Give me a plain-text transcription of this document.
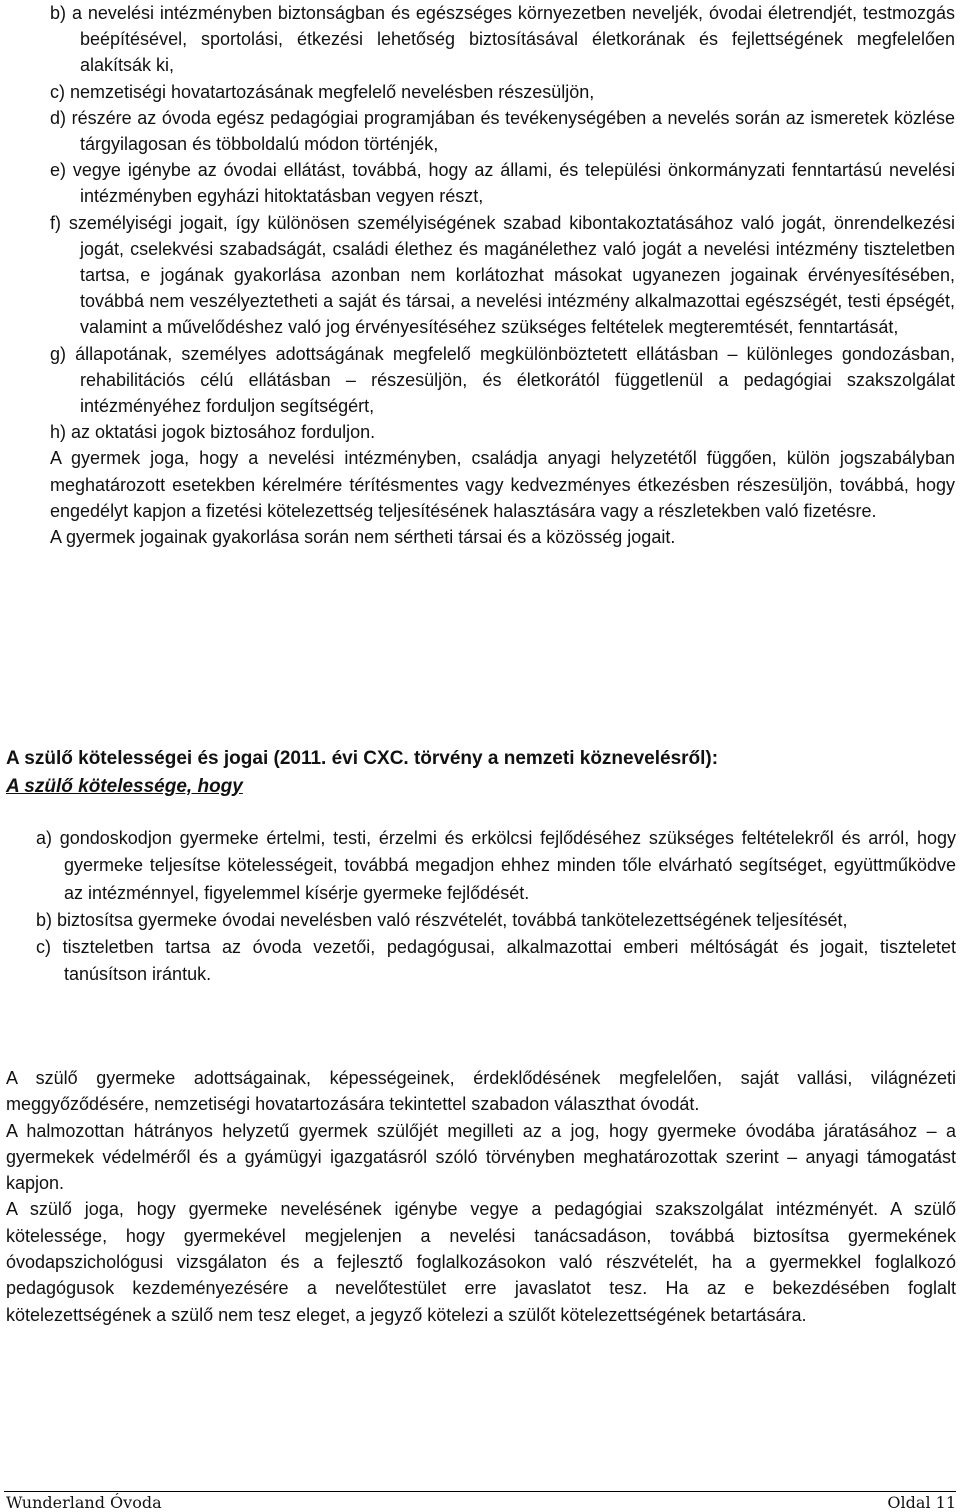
b) a nevelési intézményben biztonságban és egészséges környezetben neveljék, óvodai életrendjét, testmozgás beépítésével, sportolási, étkezési lehetőség biztosításával életkorának és fejlettségének megfelelően alakítsák ki,

c) nemzetiségi hovatartozásának megfelelő nevelésben részesüljön,

d) részére az óvoda egész pedagógiai programjában és tevékenységében a nevelés során az ismeretek közlése tárgyilagosan és többoldalú módon történjék,

e) vegye igénybe az óvodai ellátást, továbbá, hogy az állami, és települési önkormányzati fenntartású nevelési intézményben egyházi hitoktatásban vegyen részt,

f) személyiségi jogait, így különösen személyiségének szabad kibontakoztatásához való jogát, önrendelkezési jogát, cselekvési szabadságát, családi élethez és magánélethez való jogát a nevelési intézmény tiszteletben tartsa, e jogának gyakorlása azonban nem korlátozhat másokat ugyanezen jogainak érvényesítésében, továbbá nem veszélyeztetheti a saját és társai, a nevelési intézmény alkalmazottai egészségét, testi épségét, valamint a művelődéshez való jog érvényesítéséhez szükséges feltételek megteremtését, fenntartását,

g) állapotának, személyes adottságának megfelelő megkülönböztetett ellátásban – különleges gondozásban, rehabilitációs célú ellátásban – részesüljön, és életkorától függetlenül a pedagógiai szakszolgálat intézményéhez forduljon segítségért,

h) az oktatási jogok biztosához forduljon.

A gyermek joga, hogy a nevelési intézményben, családja anyagi helyzetétől függően, külön jogszabályban meghatározott esetekben kérelmére térítésmentes vagy kedvezményes étkezésben részesüljön, továbbá, hogy engedélyt kapjon a fizetési kötelezettség teljesítésének halasztására vagy a részletekben való fizetésre.

A gyermek jogainak gyakorlása során nem sértheti társai és a közösség jogait.

A szülő kötelességei és jogai (2011. évi CXC. törvény a nemzeti köznevelésről):

A szülő kötelessége, hogy

a) gondoskodjon gyermeke értelmi, testi, érzelmi és erkölcsi fejlődéséhez szükséges feltételekről és arról, hogy gyermeke teljesítse kötelességeit, továbbá megadjon ehhez minden tőle elvárható segítséget, együttműködve az intézménnyel, figyelemmel kísérje gyermeke fejlődését.

b) biztosítsa gyermeke óvodai nevelésben való részvételét, továbbá tankötelezettségének teljesítését,

c) tiszteletben tartsa az óvoda vezetői, pedagógusai, alkalmazottai emberi méltóságát és jogait, tiszteletet tanúsítson irántuk.

A szülő gyermeke adottságainak, képességeinek, érdeklődésének megfelelően, saját vallási, világnézeti meggyőződésére, nemzetiségi hovatartozására tekintettel szabadon választhat óvodát.

A halmozottan hátrányos helyzetű gyermek szülőjét megilleti az a jog, hogy gyermeke óvodába járatásához – a gyermekek védelméről és a gyámügyi igazgatásról szóló törvényben meghatározottak szerint – anyagi támogatást kapjon.

A szülő joga, hogy gyermeke nevelésének igénybe vegye a pedagógiai szakszolgálat intézményét. A szülő kötelessége, hogy gyermekével megjelenjen a nevelési tanácsadáson, továbbá biztosítsa gyermekének óvodapszichológusi vizsgálaton és a fejlesztő foglalkozásokon való részvételét, ha a gyermekkel foglalkozó pedagógusok kezdeményezésére a nevelőtestület erre javaslatot tesz. Ha az e bekezdésében foglalt kötelezettségének a szülő nem tesz eleget, a jegyző kötelezi a szülőt kötelezettségének betartására.

Wunderland Óvoda	Oldal 11
